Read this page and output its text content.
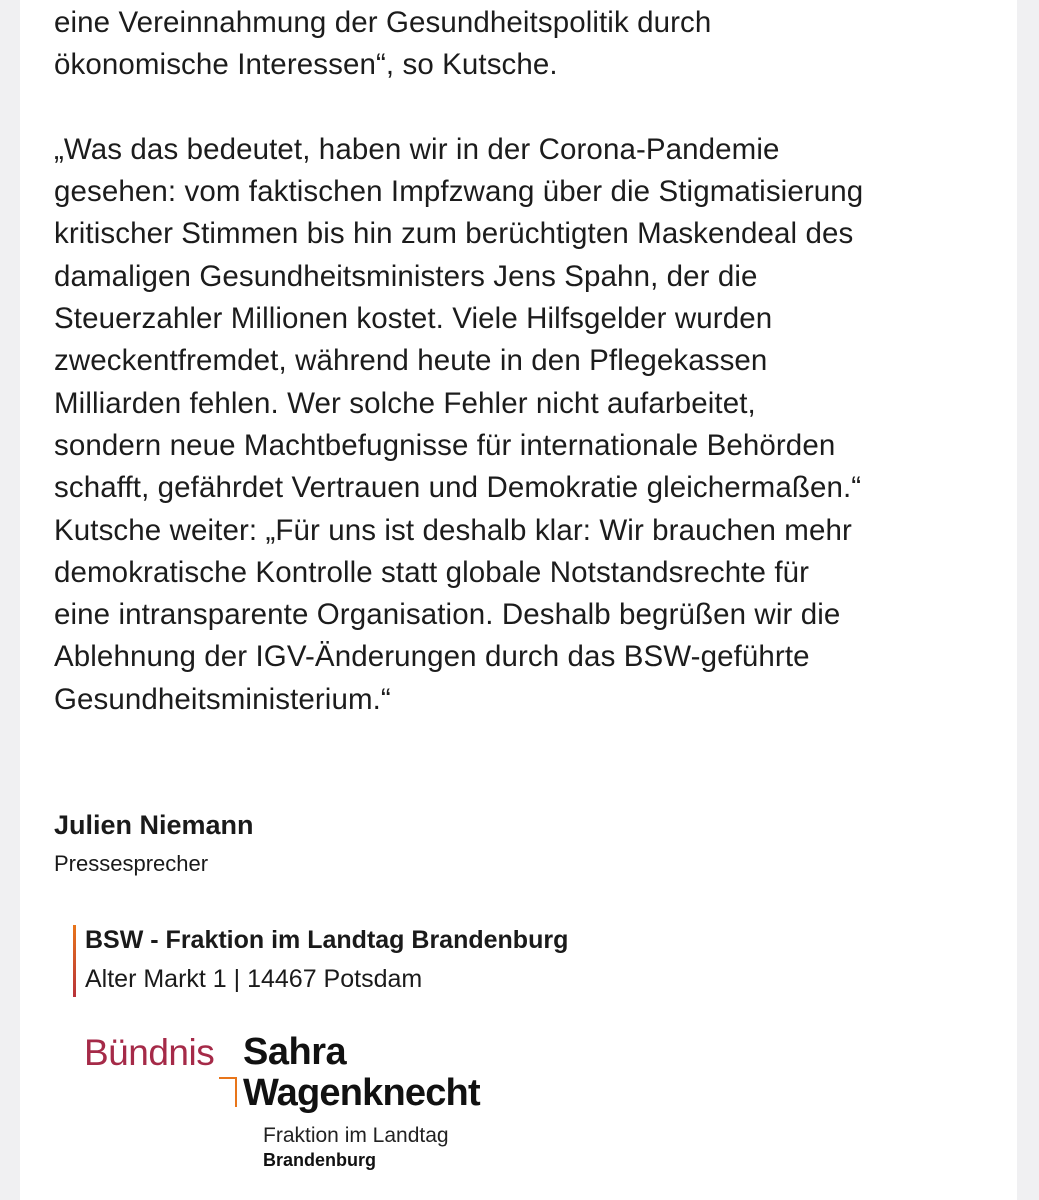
eine Vereinnahmung der Gesundheitspolitik durch
ökonomische Interessen“, so Kutsche.
„Was das bedeutet, haben wir in der Corona-Pandemie
gesehen: vom faktischen Impfzwang über die Stigmatisierung
kritischer Stimmen bis hin zum berüchtigten Maskendeal des
damaligen Gesundheitsministers Jens Spahn, der die
Steuerzahler Millionen kostet. Viele Hilfsgelder wurden
zweckentfremdet, während heute in den Pflegekassen
Milliarden fehlen. Wer solche Fehler nicht aufarbeitet,
sondern neue Machtbefugnisse für internationale Behörden
schafft, gefährdet Vertrauen und Demokratie gleichermaßen.“
Kutsche weiter: „Für uns ist deshalb klar: Wir brauchen mehr
demokratische Kontrolle statt globale Notstandsrechte für
eine intransparente Organisation. Deshalb begrüßen wir die
Ablehnung der IGV-Änderungen durch das BSW-geführte
Gesundheitsministerium.“
Julien Niemann
Pressesprecher
BSW - Fraktion im Landtag Brandenburg
Alter Markt 1 | 14467 Potsdam
Bündnis Sahra
Wagenknecht
Fraktion im Landtag
Brandenburg
